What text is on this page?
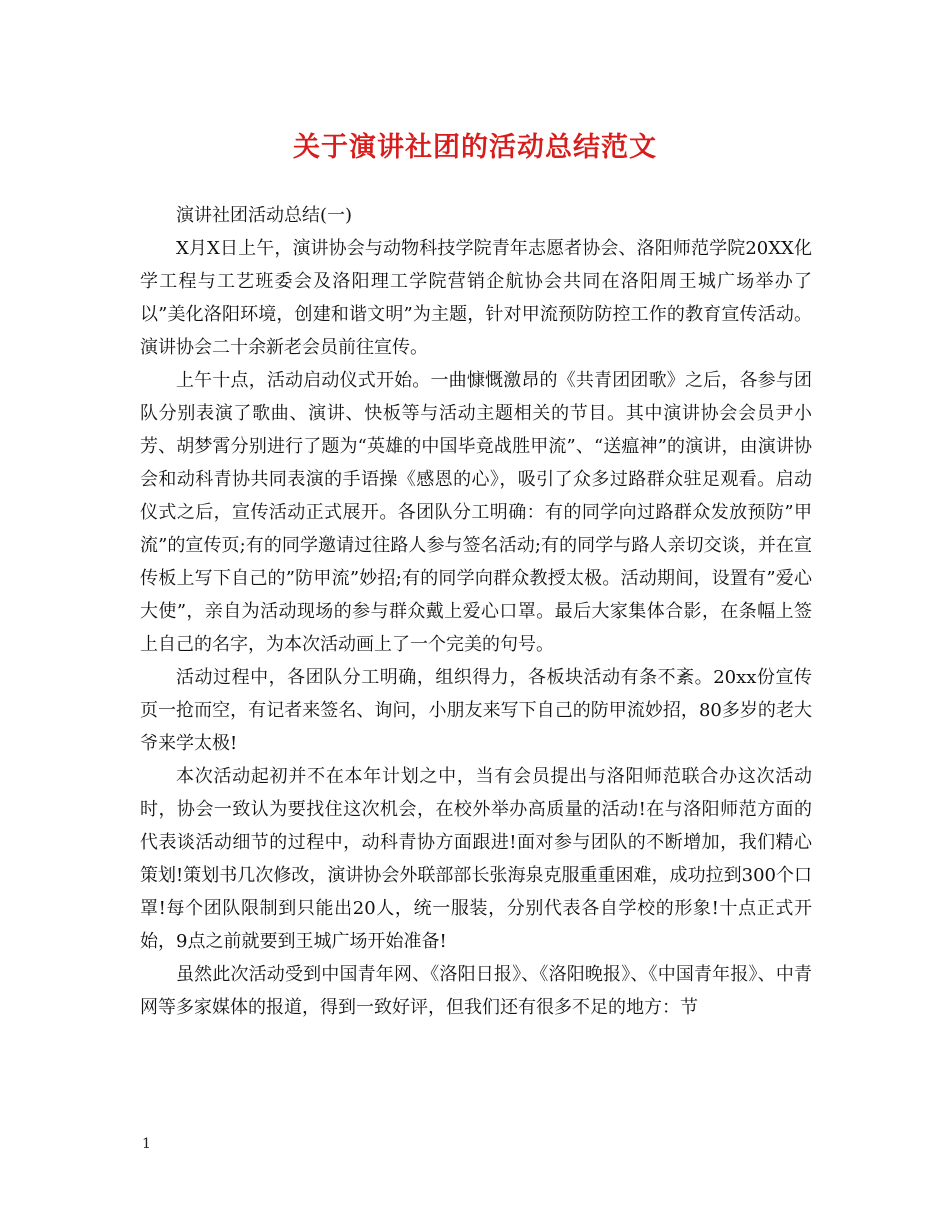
关于演讲社团的活动总结范文

演讲社团活动总结(一)

X月X日上午，演讲协会与动物科技学院青年志愿者协会、洛阳师范学院20XX化学工程与工艺班委会及洛阳理工学院营销企航协会共同在洛阳周王城广场举办了以”美化洛阳环境，创建和谐文明”为主题，针对甲流预防防控工作的教育宣传活动。演讲协会二十余新老会员前往宣传。

上午十点，活动启动仪式开始。一曲慷慨激昂的《共青团团歌》之后，各参与团队分别表演了歌曲、演讲、快板等与活动主题相关的节目。其中演讲协会会员尹小芳、胡梦霄分别进行了题为“英雄的中国毕竟战胜甲流”、“送瘟神”的演讲，由演讲协会和动科青协共同表演的手语操《感恩的心》，吸引了众多过路群众驻足观看。启动仪式之后，宣传活动正式展开。各团队分工明确：有的同学向过路群众发放预防”甲流”的宣传页;有的同学邀请过往路人参与签名活动;有的同学与路人亲切交谈，并在宣传板上写下自己的”防甲流”妙招;有的同学向群众教授太极。活动期间，设置有”爱心大使”，亲自为活动现场的参与群众戴上爱心口罩。最后大家集体合影，在条幅上签上自己的名字，为本次活动画上了一个完美的句号。

活动过程中，各团队分工明确，组织得力，各板块活动有条不紊。20xx份宣传页一抢而空，有记者来签名、询问，小朋友来写下自己的防甲流妙招，80多岁的老大爷来学太极!

本次活动起初并不在本年计划之中，当有会员提出与洛阳师范联合办这次活动时，协会一致认为要找住这次机会，在校外举办高质量的活动!在与洛阳师范方面的代表谈活动细节的过程中，动科青协方面跟进!面对参与团队的不断增加，我们精心策划!策划书几次修改，演讲协会外联部部长张海泉克服重重困难，成功拉到300个口罩!每个团队限制到只能出20人，统一服装，分别代表各自学校的形象!十点正式开始，9点之前就要到王城广场开始准备!

虽然此次活动受到中国青年网、《洛阳日报》、《洛阳晚报》、《中国青年报》、中青网等多家媒体的报道，得到一致好评，但我们还有很多不足的地方：节

1
